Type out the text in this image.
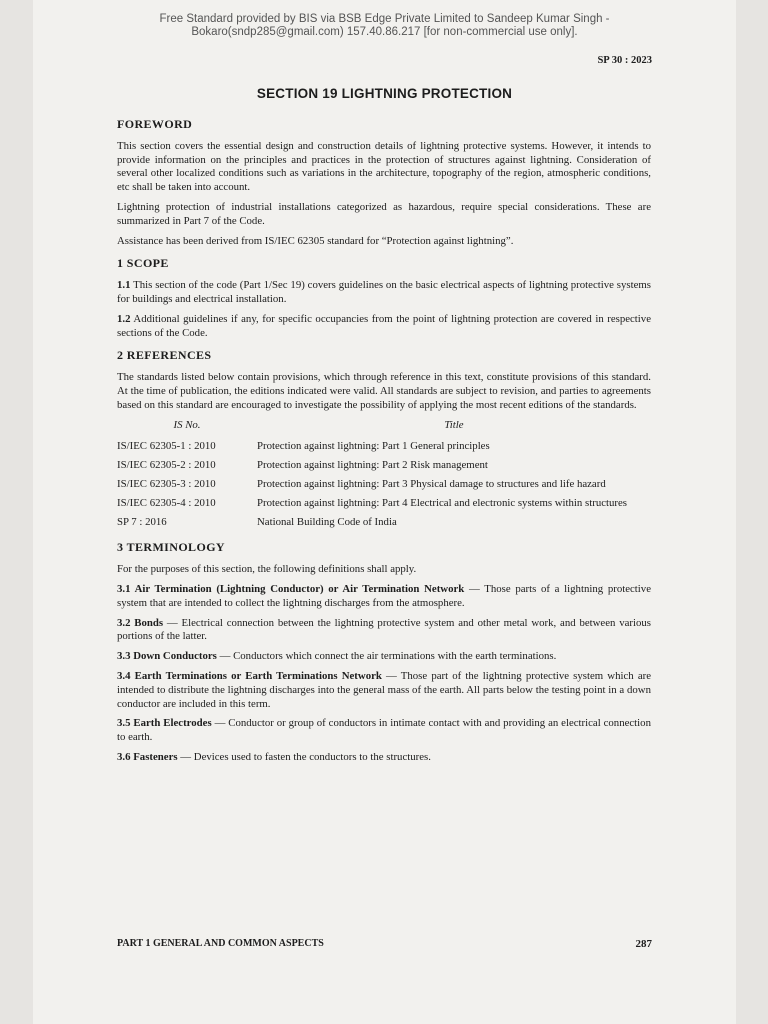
Free Standard provided by BIS via BSB Edge Private Limited to Sandeep Kumar Singh -
Bokaro(sndp285@gmail.com) 157.40.86.217 [for non-commercial use only].
SP 30 : 2023
SECTION 19 LIGHTNING PROTECTION
FOREWORD

This section covers the essential design and construction details of lightning protective systems. However, it intends to provide information on the principles and practices in the protection of structures against lightning. Consideration of several other localized conditions such as variations in the architecture, topography of the region, atmospheric conditions, etc shall be taken into account.

Lightning protection of industrial installations categorized as hazardous, require special considerations. These are summarized in Part 7 of the Code.

Assistance has been derived from IS/IEC 62305 standard for “Protection against lightning”.

1 SCOPE

1.1 This section of the code (Part 1/Sec 19) covers guidelines on the basic electrical aspects of lightning protective systems for buildings and electrical installation.

1.2 Additional guidelines if any, for specific occupancies from the point of lightning protection are covered in respective sections of the Code.

2 REFERENCES

The standards listed below contain provisions, which through reference in this text, constitute provisions of this standard. At the time of publication, the editions indicated were valid. All standards are subject to revision, and parties to agreements based on this standard are encouraged to investigate the possibility of applying the most recent editions of the standards.

IS No.	Title
IS/IEC 62305-1 : 2010	Protection against lightning: Part 1 General principles
IS/IEC 62305-2 : 2010	Protection against lightning: Part 2 Risk management
IS/IEC 62305-3 : 2010	Protection against lightning: Part 3 Physical damage to structures and life hazard
IS/IEC 62305-4 : 2010	Protection against lightning: Part 4 Electrical and electronic systems within structures
SP 7 : 2016	National Building Code of India
3 TERMINOLOGY

For the purposes of this section, the following definitions shall apply.

3.1 Air Termination (Lightning Conductor) or Air Termination Network — Those parts of a lightning protective system that are intended to collect the lightning discharges from the atmosphere.

3.2 Bonds — Electrical connection between the lightning protective system and other metal work, and between various portions of the latter.

3.3 Down Conductors — Conductors which connect the air terminations with the earth terminations.

3.4 Earth Terminations or Earth Terminations Network — Those part of the lightning protective system which are intended to distribute the lightning discharges into the general mass of the earth. All parts below the testing point in a down conductor are included in this term.

3.5 Earth Electrodes — Conductor or group of conductors in intimate contact with and providing an electrical connection to earth.

3.6 Fasteners — Devices used to fasten the conductors to the structures.

PART 1 GENERAL AND COMMON ASPECTS	287
